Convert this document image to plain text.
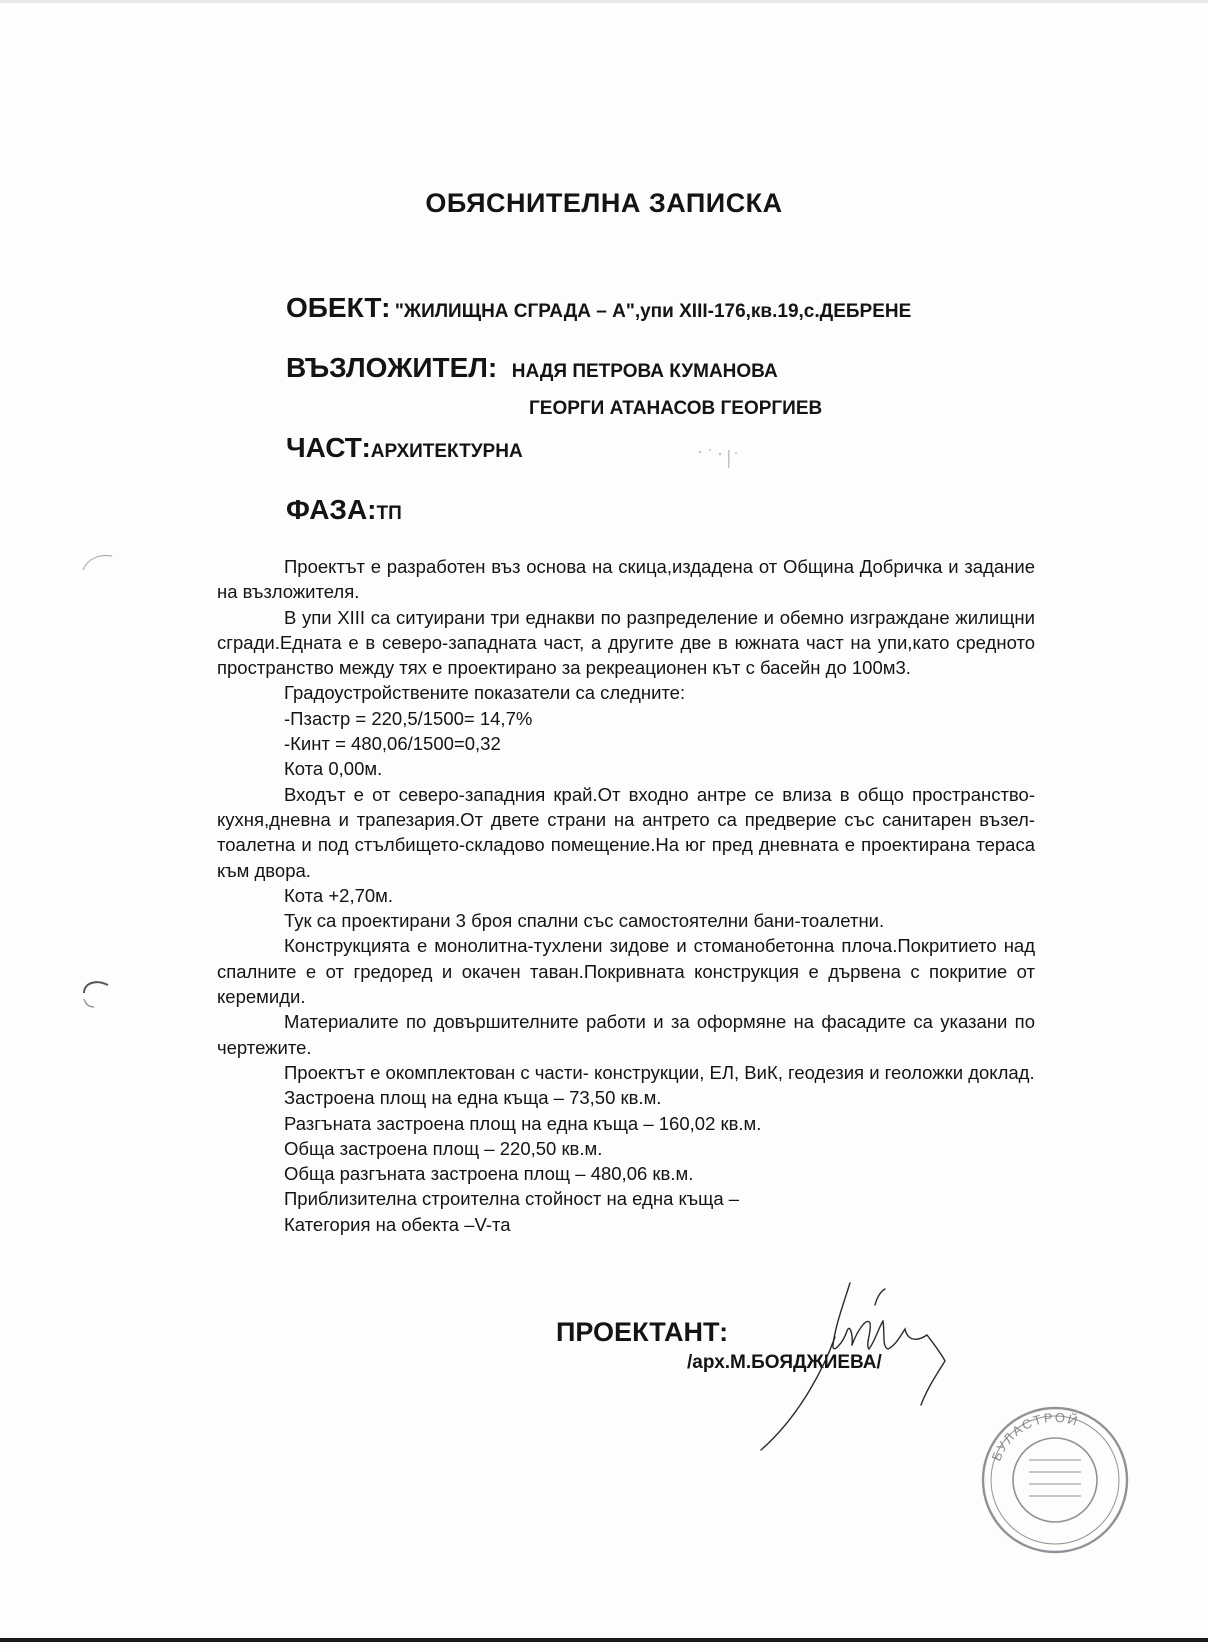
ОБЯСНИТЕЛНА ЗАПИСКА
ОБЕКТ: "ЖИЛИЩНА СГРАДА – А",упи XIII-176,кв.19,с.ДЕБРЕНЕ
ВЪЗЛОЖИТЕЛ: НАДЯ ПЕТРОВА КУМАНОВА
ГЕОРГИ АТАНАСОВ ГЕОРГИЕВ
ЧАСТ:АРХИТЕКТУРНА
ФАЗА:ТП

Проектът е разработен въз основа на скица,издадена от Община Добричка и задание на възложителя.

В упи XIII са ситуирани три еднакви по разпределение и обемно изграждане жилищни сгради.Едната е в северо-западната част, а другите две в южната част на упи,като средното пространство между тях е проектирано за рекреационен кът с басейн до 100м3.

Градоустройствените показатели са следните:

-Пзастр = 220,5/1500= 14,7%

-Кинт = 480,06/1500=0,32

Кота 0,00м.

Входът е от северо-западния край.От входно антре се влиза в общо пространство-кухня,дневна и трапезария.От двете страни на антрето са предверие със санитарен възел-тоалетна и под стълбището-складово помещение.На юг пред дневната е проектирана тераса към двора.

Кота +2,70м.

Тук са проектирани 3 броя спални със самостоятелни бани-тоалетни.

Конструкцията е монолитна-тухлени зидове и стоманобетонна плоча.Покритието над спалните е от гредоред и окачен таван.Покривната конструкция е дървена с покритие от керемиди.

Материалите по довършителните работи и за оформяне на фасадите са указани по чертежите.

Проектът е окомплектован с части- конструкции, ЕЛ, ВиК, геодезия и геоложки доклад.

Застроена площ на една къща – 73,50 кв.м.

Разгъната застроена площ на една къща – 160,02 кв.м.

Обща застроена площ – 220,50 кв.м.

Обща разгъната застроена площ – 480,06 кв.м.

Приблизителна строителна стойност на една къща –

Категория на обекта –V-та

ПРОЕКТАНТ:
/арх.М.БОЯДЖИЕВА/
БУЛАСТРОЙ
